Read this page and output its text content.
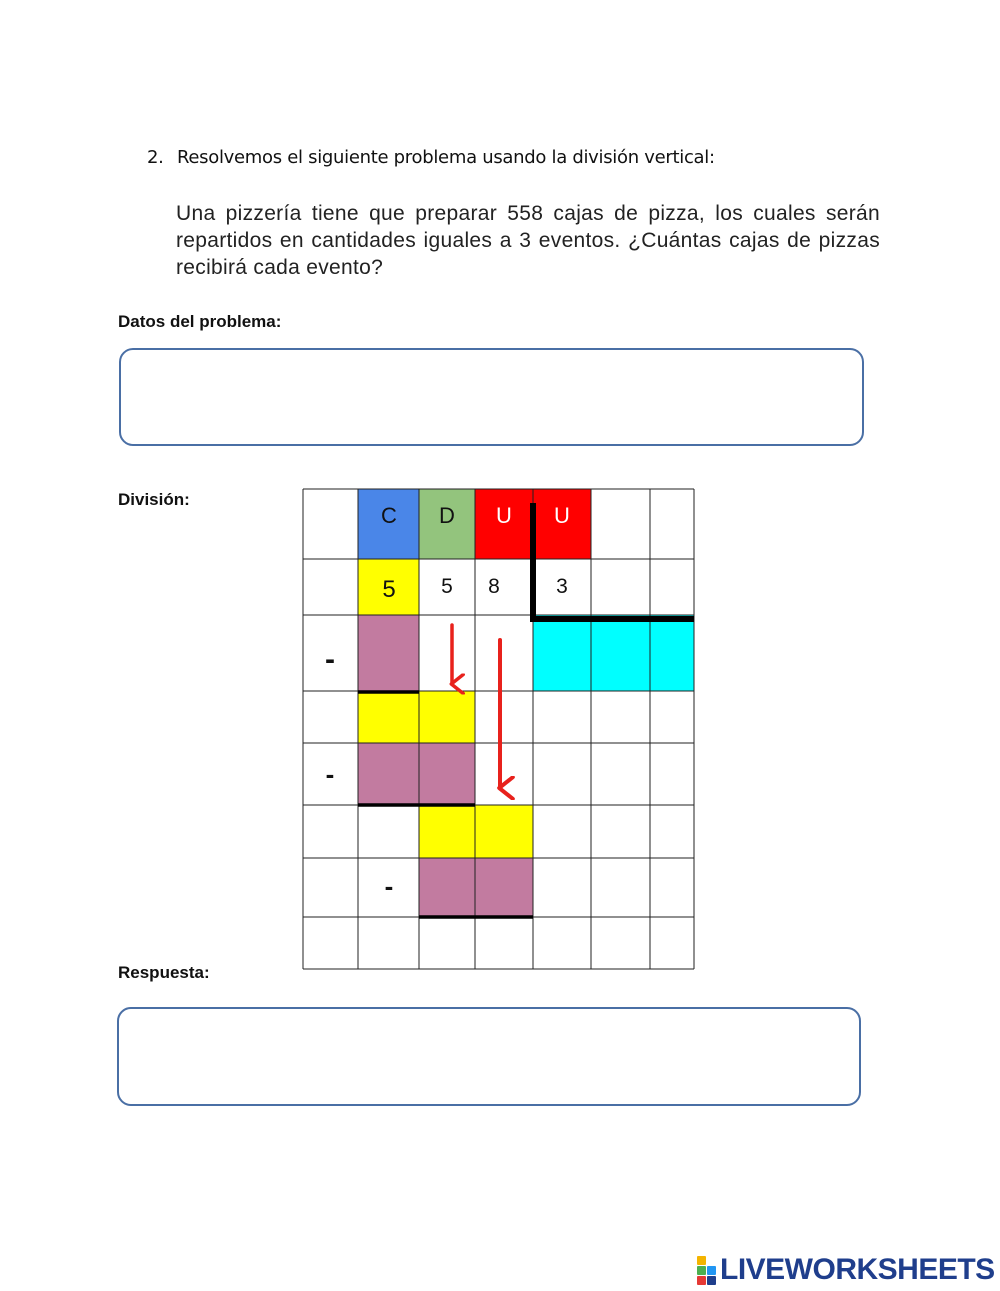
2. Resolvemos el siguiente problema usando la división vertical:
Una pizzería tiene que preparar 558 cajas de pizza, los cuales serán repartidos en cantidades iguales a 3 eventos. ¿Cuántas cajas de pizzas recibirá cada evento?
Datos del problema:
División:
C D U U
5 5 8	3
-
-
-
Respuesta:
LIVEWORKSHEETS
